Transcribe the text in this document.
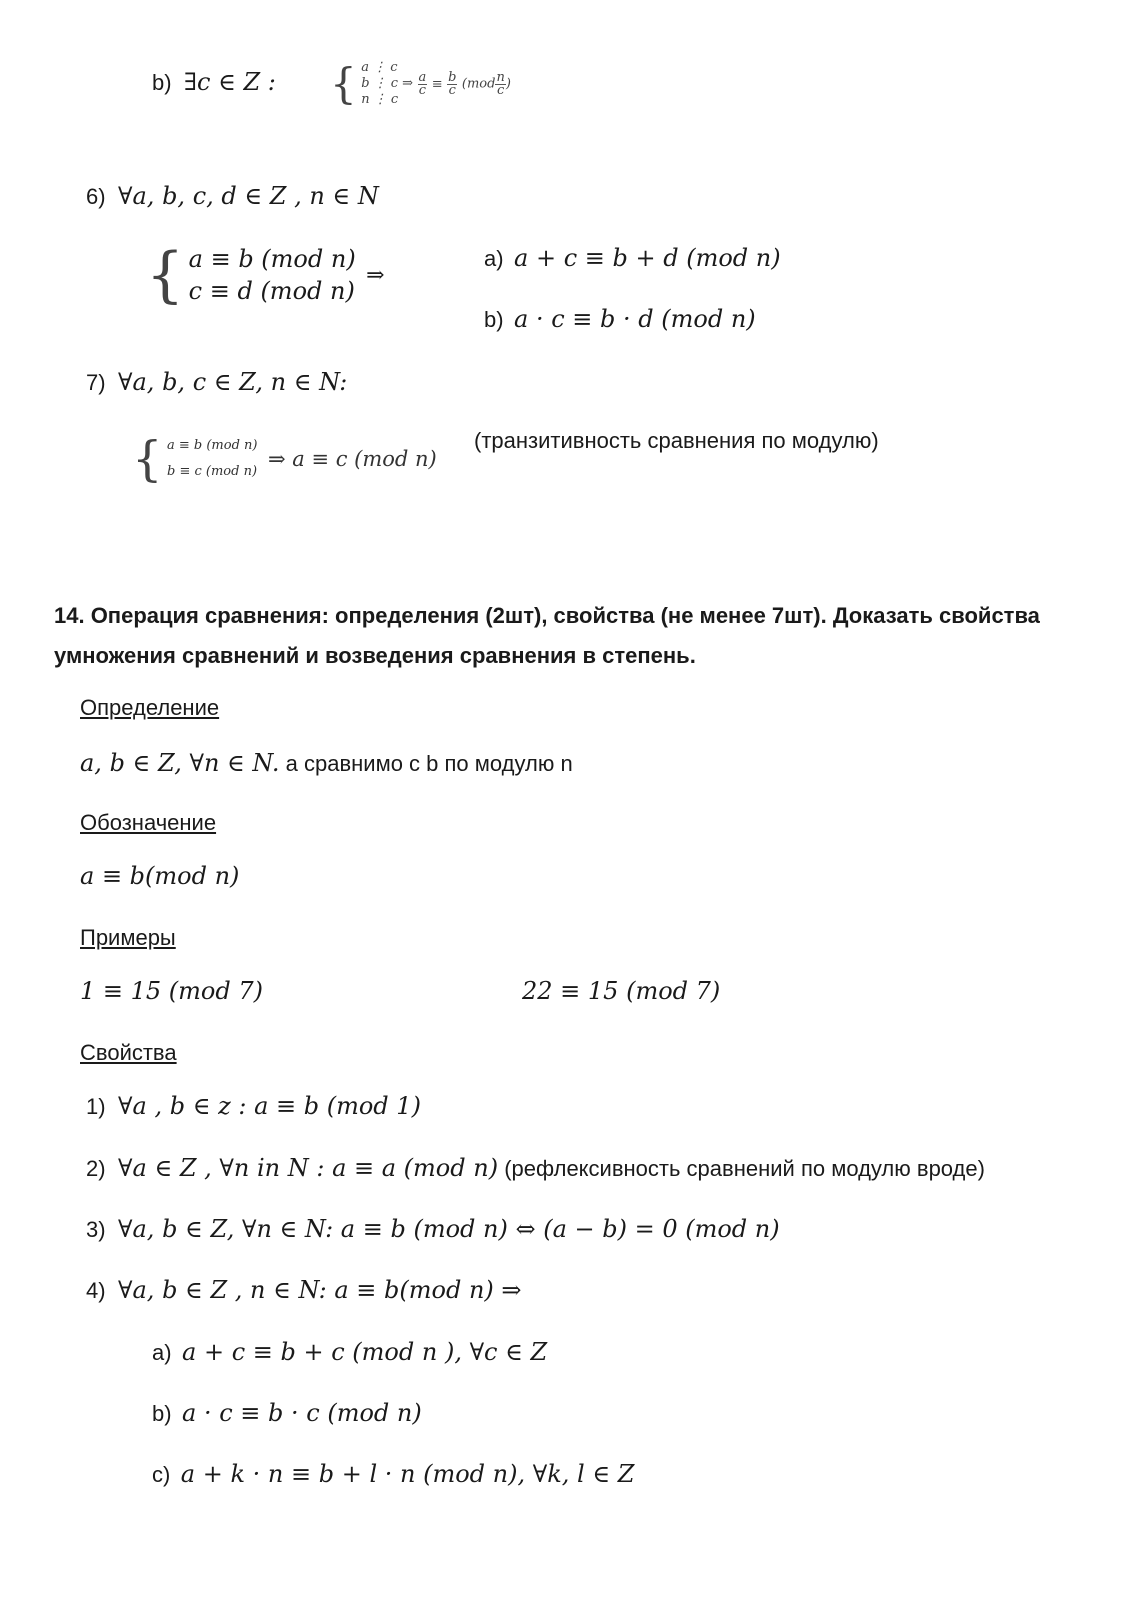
b) ∃c ∈ Z : { a ⋮ c
b ⋮ c ⇒
n ⋮ c

$\frac{a}{c} \equiv \frac{b}{c} (mod \frac{n}{c}$ )
6) ∀a, b, c, d ∈ Z , n ∈ N
{ a ≡ b (mod n)
c ≡ d (mod n)
⇒
a) a + c ≡ b + d (mod n)
b) a · c ≡ b · d (mod n)
7) ∀a, b, c ∈ Z, n ∈ N:
{ a ≡ b (mod n)
b ≡ c (mod n)
⇒ a ≡ c (mod n)
(транзитивность сравнения по модулю)
14. Операция сравнения: определения (2шт), свойства (не менее 7шт). Доказать свойства умножения сравнений и возведения сравнения в степень.
Определение
a, b ∈ Z, ∀n ∈ N. a сравнимо с b по модулю n
Обозначение
a ≡ b(mod n)
Примеры
1 ≡ 15 (mod 7)	22 ≡ 15 (mod 7)
Свойства
1) ∀a , b ∈ z : a ≡ b (mod 1)
2) ∀a ∈ Z , ∀n in N : a ≡ a (mod n) (рефлексивность сравнений по модулю вроде)
3) ∀a, b ∈ Z, ∀n ∈ N: a ≡ b (mod n) ⇔ (a − b) = 0 (mod n)
4) ∀a, b ∈ Z , n ∈ N: a ≡ b(mod n) ⇒
a) a + c ≡ b + c (mod n ), ∀c ∈ Z
b) a · c ≡ b · c (mod n)
c) a + k · n ≡ b + l · n (mod n), ∀k, l ∈ Z
